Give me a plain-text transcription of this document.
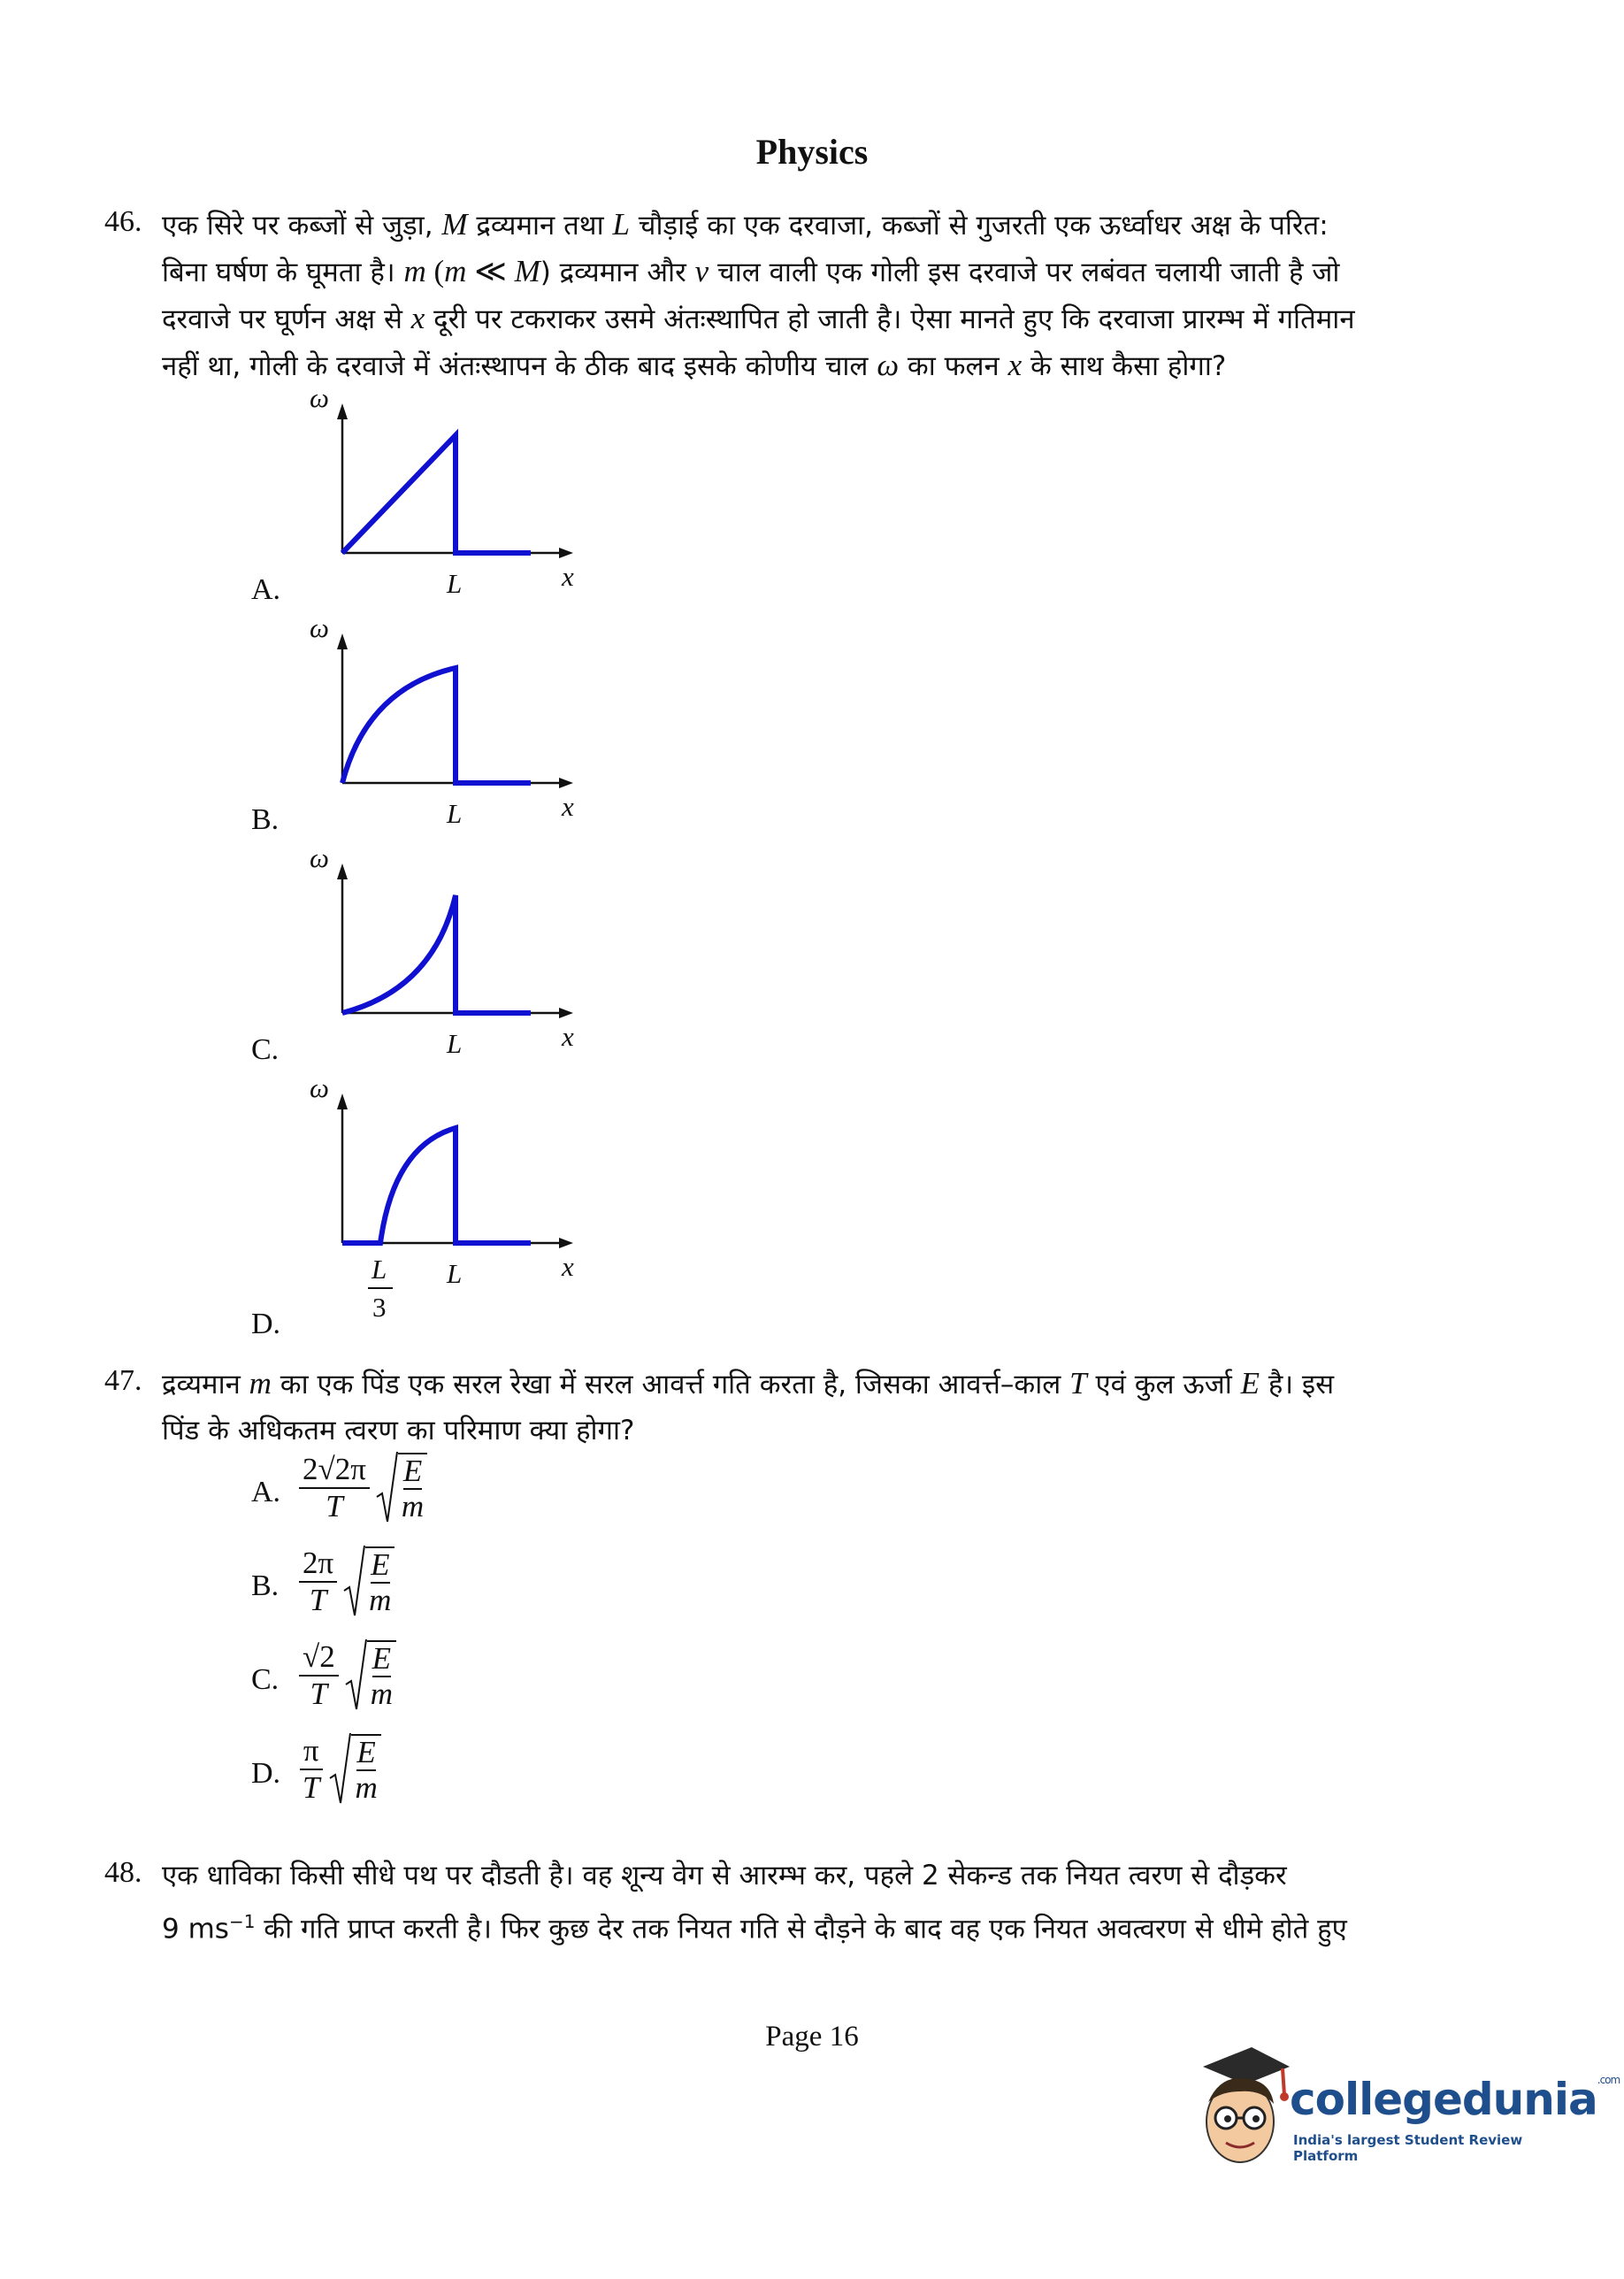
Physics
46. एक सिरे पर कब्जों से जुड़ा, M द्रव्यमान तथा L चौड़ाई का एक दरवाजा, कब्जों से गुजरती एक ऊर्ध्वाधर अक्ष के परित:
बिना घर्षण के घूमता है। m (m ≪ M) द्रव्यमान और v चाल वाली एक गोली इस दरवाजे पर लबंवत चलायी जाती है जो
दरवाजे पर घूर्णन अक्ष से x दूरी पर टकराकर उसमे अंतःस्थापित हो जाती है। ऐसा मानते हुए कि दरवाजा प्रारम्भ में गतिमान
नहीं था, गोली के दरवाजे में अंतःस्थापन के ठीक बाद इसके कोणीय चाल ω का फलन x के साथ कैसा होगा?
A.
ω
x
L
B.
ω
x
L
C.
ω
x
L
D.
ω
x
L
L
3
47. द्रव्यमान m का एक पिंड एक सरल रेखा में सरल आवर्त्त गति करता है, जिसका आवर्त्त–काल T एवं कुल ऊर्जा E है। इस
पिंड के अधिकतम त्वरण का परिमाण क्या होगा?
A. $\frac{2√2\pi}{T}$ E
m
B. $\frac{2\pi}{T}$ E
m
C. $\frac{√2}{T}$ E
m
D. $\frac{\pi}{T}$ E
m
48. एक धाविका किसी सीधे पथ पर दौडती है। वह शून्य वेग से आरम्भ कर, पहले 2 सेकन्ड तक नियत त्वरण से दौड़कर
9 $ms^{-1}$ की गति प्राप्त करती है। फिर कुछ देर तक नियत गति से दौड़ने के बाद वह एक नियत अवत्वरण से धीमे होते हुए
Page 16
collegedunia$^{.com}$
India's largest Student Review Platform
